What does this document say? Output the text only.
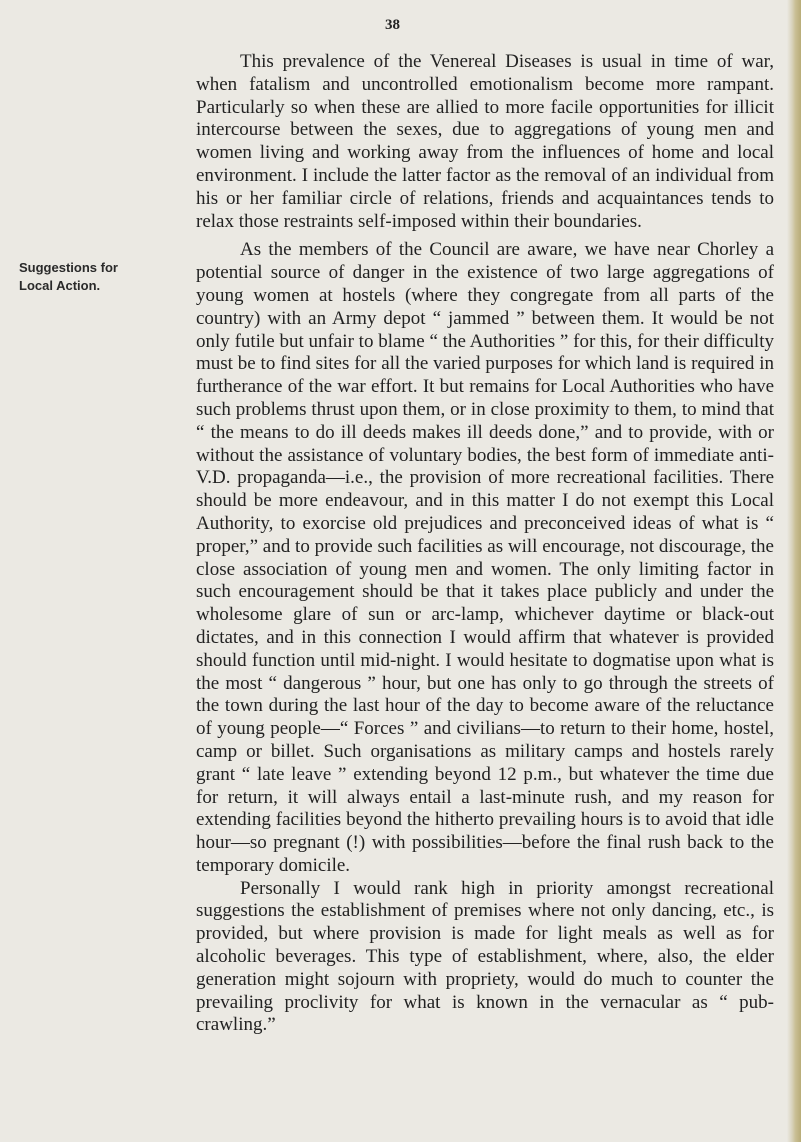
38
Suggestions for
Local Action.

This prevalence of the Venereal Diseases is usual in time of war, when fatalism and uncontrolled emotionalism become more rampant. Particularly so when these are allied to more facile opportunities for illicit intercourse between the sexes, due to aggregations of young men and women living and working away from the influences of home and local environment. I include the latter factor as the removal of an individual from his or her familiar circle of relations, friends and acquaintances tends to relax those restraints self-imposed within their boundaries.

As the members of the Council are aware, we have near Chorley a potential source of danger in the existence of two large aggregations of young women at hostels (where they congregate from all parts of the country) with an Army depot “ jammed ” between them. It would be not only futile but unfair to blame “ the Authorities ” for this, for their difficulty must be to find sites for all the varied purposes for which land is required in furtherance of the war effort. It but remains for Local Authorities who have such problems thrust upon them, or in close proximity to them, to mind that “ the means to do ill deeds makes ill deeds done,” and to provide, with or without the assistance of voluntary bodies, the best form of immediate anti-V.D. propaganda—i.e., the provision of more recreational facilities. There should be more endeavour, and in this matter I do not exempt this Local Authority, to exorcise old prejudices and preconceived ideas of what is “ proper,” and to provide such facilities as will encourage, not discourage, the close association of young men and women. The only limiting factor in such encouragement should be that it takes place publicly and under the wholesome glare of sun or arc-lamp, whichever daytime or black-out dictates, and in this connection I would affirm that whatever is provided should function until mid-night. I would hesitate to dogmatise upon what is the most “ dangerous ” hour, but one has only to go through the streets of the town during the last hour of the day to become aware of the reluctance of young people—“ Forces ” and civilians—to return to their home, hostel, camp or billet. Such organisations as military camps and hostels rarely grant “ late leave ” extending beyond 12 p.m., but whatever the time due for return, it will always entail a last-minute rush, and my reason for extending facilities beyond the hitherto prevailing hours is to avoid that idle hour—so pregnant (!) with possibilities—before the final rush back to the temporary domicile.

Personally I would rank high in priority amongst recreational suggestions the establishment of premises where not only dancing, etc., is provided, but where provision is made for light meals as well as for alcoholic beverages. This type of establishment, where, also, the elder generation might sojourn with propriety, would do much to counter the prevailing proclivity for what is known in the vernacular as “ pub-crawling.”
